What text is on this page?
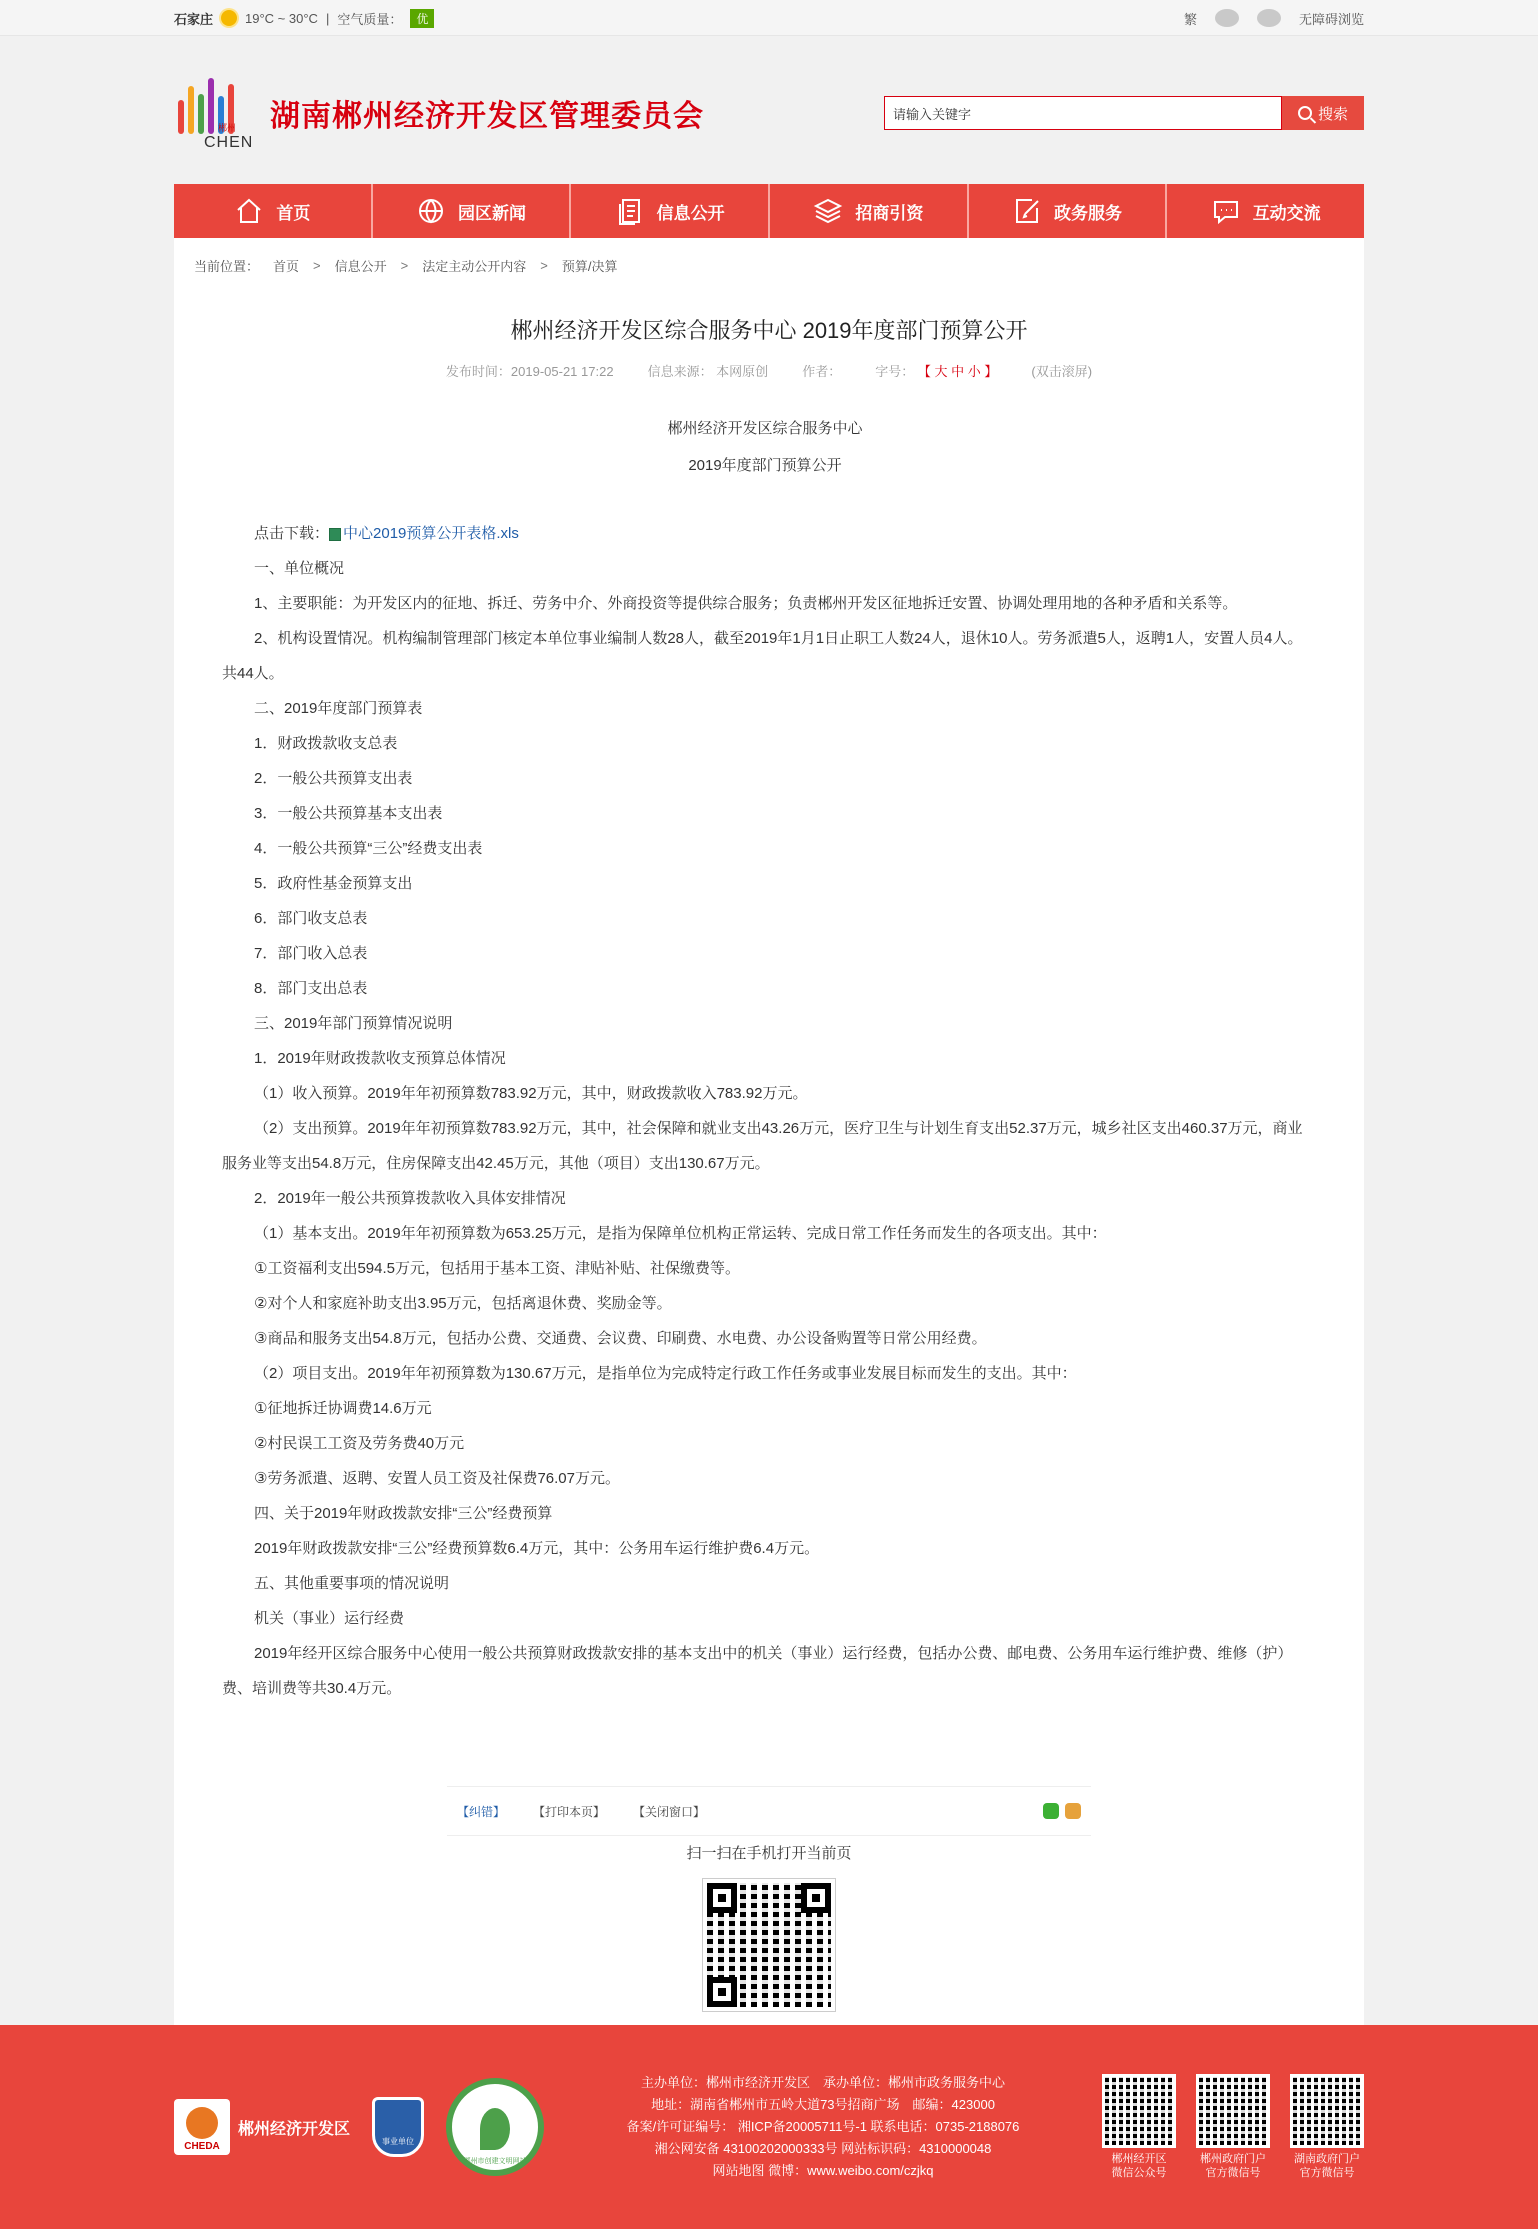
石家庄 19°C ~ 30°C | 空气质量：	优	繁	无障碍浏览
郴州
CHEN
湖南郴州经济开发区管理委员会
请输入关键字	搜索
首页	园区新闻	信息公开	招商引资	政务服务	互动交流
当前位置： 首页 > 信息公开 > 法定主动公开内容 > 预算/决算
郴州经济开发区综合服务中心 2019年度部门预算公开
发布时间：2019-05-21 17:22	信息来源： 本网原创	作者：	字号： 【 大 中 小 】	(双击滚屏)
郴州经济开发区综合服务中心
2019年度部门预算公开

点击下载： 中心2019预算公开表格.xls

一、单位概况

1、主要职能：为开发区内的征地、拆迁、劳务中介、外商投资等提供综合服务；负责郴州开发区征地拆迁安置、协调处理用地的各种矛盾和关系等。

2、机构设置情况。机构编制管理部门核定本单位事业编制人数28人，截至2019年1月1日止职工人数24人，退休10人。劳务派遣5人，返聘1人，安置人员4人。共44人。

二、2019年度部门预算表

1．财政拨款收支总表

2．一般公共预算支出表

3．一般公共预算基本支出表

4．一般公共预算“三公”经费支出表

5．政府性基金预算支出

6．部门收支总表

7．部门收入总表

8．部门支出总表

三、2019年部门预算情况说明

1．2019年财政拨款收支预算总体情况

（1）收入预算。2019年年初预算数783.92万元，其中，财政拨款收入783.92万元。

（2）支出预算。2019年年初预算数783.92万元，其中，社会保障和就业支出43.26万元，医疗卫生与计划生育支出52.37万元，城乡社区支出460.37万元，商业服务业等支出54.8万元，住房保障支出42.45万元，其他（项目）支出130.67万元。

2．2019年一般公共预算拨款收入具体安排情况

（1）基本支出。2019年年初预算数为653.25万元，是指为保障单位机构正常运转、完成日常工作任务而发生的各项支出。其中：

①工资福利支出594.5万元，包括用于基本工资、津贴补贴、社保缴费等。

②对个人和家庭补助支出3.95万元，包括离退休费、奖励金等。

③商品和服务支出54.8万元，包括办公费、交通费、会议费、印刷费、水电费、办公设备购置等日常公用经费。

（2）项目支出。2019年年初预算数为130.67万元，是指单位为完成特定行政工作任务或事业发展目标而发生的支出。其中：

①征地拆迁协调费14.6万元

②村民误工工资及劳务费40万元

③劳务派遣、返聘、安置人员工资及社保费76.07万元。

四、关于2019年财政拨款安排“三公”经费预算

2019年财政拨款安排“三公”经费预算数6.4万元，其中：公务用车运行维护费6.4万元。

五、其他重要事项的情况说明

机关（事业）运行经费

2019年经开区综合服务中心使用一般公共预算财政拨款安排的基本支出中的机关（事业）运行经费，包括办公费、邮电费、公务用车运行维护费、维修（护）费、培训费等共30.4万元。

【纠错】 【打印本页】 【关闭窗口】
扫一扫在手机打开当前页
CHEDA
郴州经济开发区
事业单位
郴州市创建文明网站
主办单位：郴州市经济开发区　承办单位：郴州市政务服务中心
地址：湖南省郴州市五岭大道73号招商广场　邮编：423000
备案/许可证编号： 湘ICP备20005711号-1 联系电话：0735-2188076
湘公网安备 43100202000333号 网站标识码：4310000048
网站地图 微博：www.weibo.com/czjkq
郴州经开区
微信公众号
郴州政府门户
官方微信号
湖南政府门户
官方微信号
